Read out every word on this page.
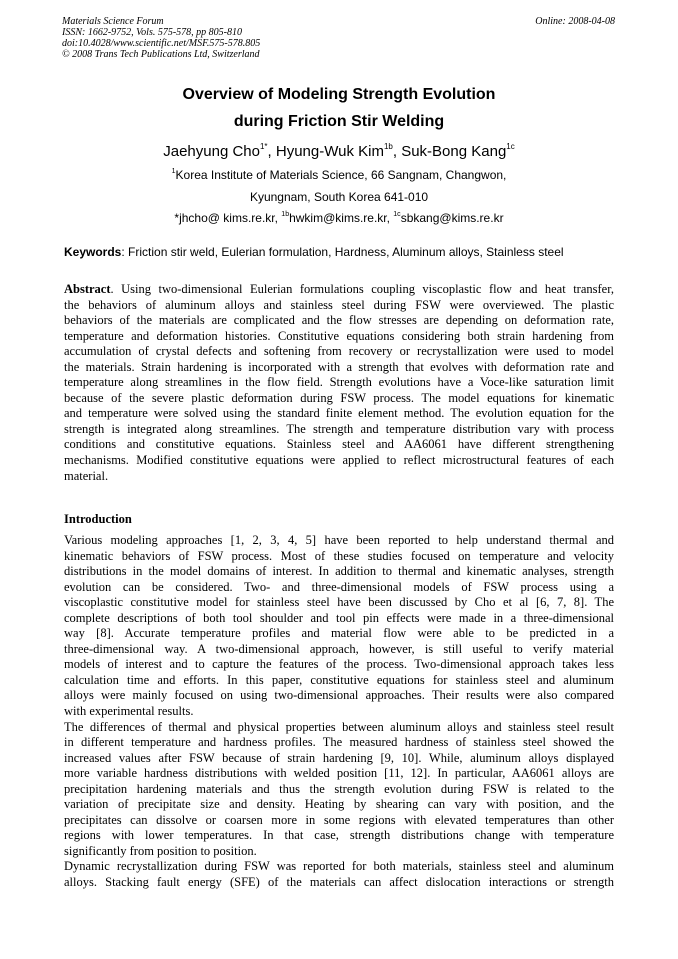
Materials Science Forum
ISSN: 1662-9752, Vols. 575-578, pp 805-810
doi:10.4028/www.scientific.net/MSF.575-578.805
© 2008 Trans Tech Publications Ltd, Switzerland
Online: 2008-04-08
Overview of Modeling Strength Evolution
during Friction Stir Welding
Jaehyung Cho$^{1*}$, Hyung-Wuk Kim$^{1b}$, Suk-Bong Kang$^{1c}$
$^1$Korea Institute of Materials Science, 66 Sangnam, Changwon,
Kyungnam, South Korea 641-010
*jhcho@ kims.re.kr, $^{1b}$hwkim@kims.re.kr, $^{1c}$sbkang@kims.re.kr
Keywords: Friction stir weld, Eulerian formulation, Hardness, Aluminum alloys, Stainless steel
Abstract. Using two-dimensional Eulerian formulations coupling viscoplastic flow and heat transfer,
the behaviors of aluminum alloys and stainless steel during FSW were overviewed. The plastic
behaviors of the materials are complicated and the flow stresses are depending on deformation rate,
temperature and deformation histories. Constitutive equations considering both strain hardening from
accumulation of crystal defects and softening from recovery or recrystallization were used to model
the materials. Strain hardening is incorporated with a strength that evolves with deformation rate and
temperature along streamlines in the flow field. Strength evolutions have a Voce-like saturation limit
because of the severe plastic deformation during FSW process. The model equations for kinematic
and temperature were solved using the standard finite element method. The evolution equation for the
strength is integrated along streamlines. The strength and temperature distribution vary with process
conditions and constitutive equations. Stainless steel and AA6061 have different strengthening
mechanisms. Modified constitutive equations were applied to reflect microstructural features of each
material.
Introduction
Various modeling approaches [1, 2, 3, 4, 5] have been reported to help understand thermal and
kinematic behaviors of FSW process. Most of these studies focused on temperature and velocity
distributions in the model domains of interest. In addition to thermal and kinematic analyses, strength
evolution can be considered. Two- and three-dimensional models of FSW process using a
viscoplastic constitutive model for stainless steel have been discussed by Cho et al [6, 7, 8]. The
complete descriptions of both tool shoulder and tool pin effects were made in a three-dimensional
way [8]. Accurate temperature profiles and material flow were able to be predicted in a
three-dimensional way. A two-dimensional approach, however, is still useful to verify material
models of interest and to capture the features of the process. Two-dimensional approach takes less
calculation time and efforts. In this paper, constitutive equations for stainless steel and aluminum
alloys were mainly focused on using two-dimensional approaches. Their results were also compared
with experimental results.
The differences of thermal and physical properties between aluminum alloys and stainless steel result
in different temperature and hardness profiles. The measured hardness of stainless steel showed the
increased values after FSW because of strain hardening [9, 10]. While, aluminum alloys displayed
more variable hardness distributions with welded position [11, 12]. In particular, AA6061 alloys are
precipitation hardening materials and thus the strength evolution during FSW is related to the
variation of precipitate size and density. Heating by shearing can vary with position, and the
precipitates can dissolve or coarsen more in some regions with elevated temperatures than other
regions with lower temperatures. In that case, strength distributions change with temperature
significantly from position to position.
Dynamic recrystallization during FSW was reported for both materials, stainless steel and aluminum
alloys. Stacking fault energy (SFE) of the materials can affect dislocation interactions or strength
